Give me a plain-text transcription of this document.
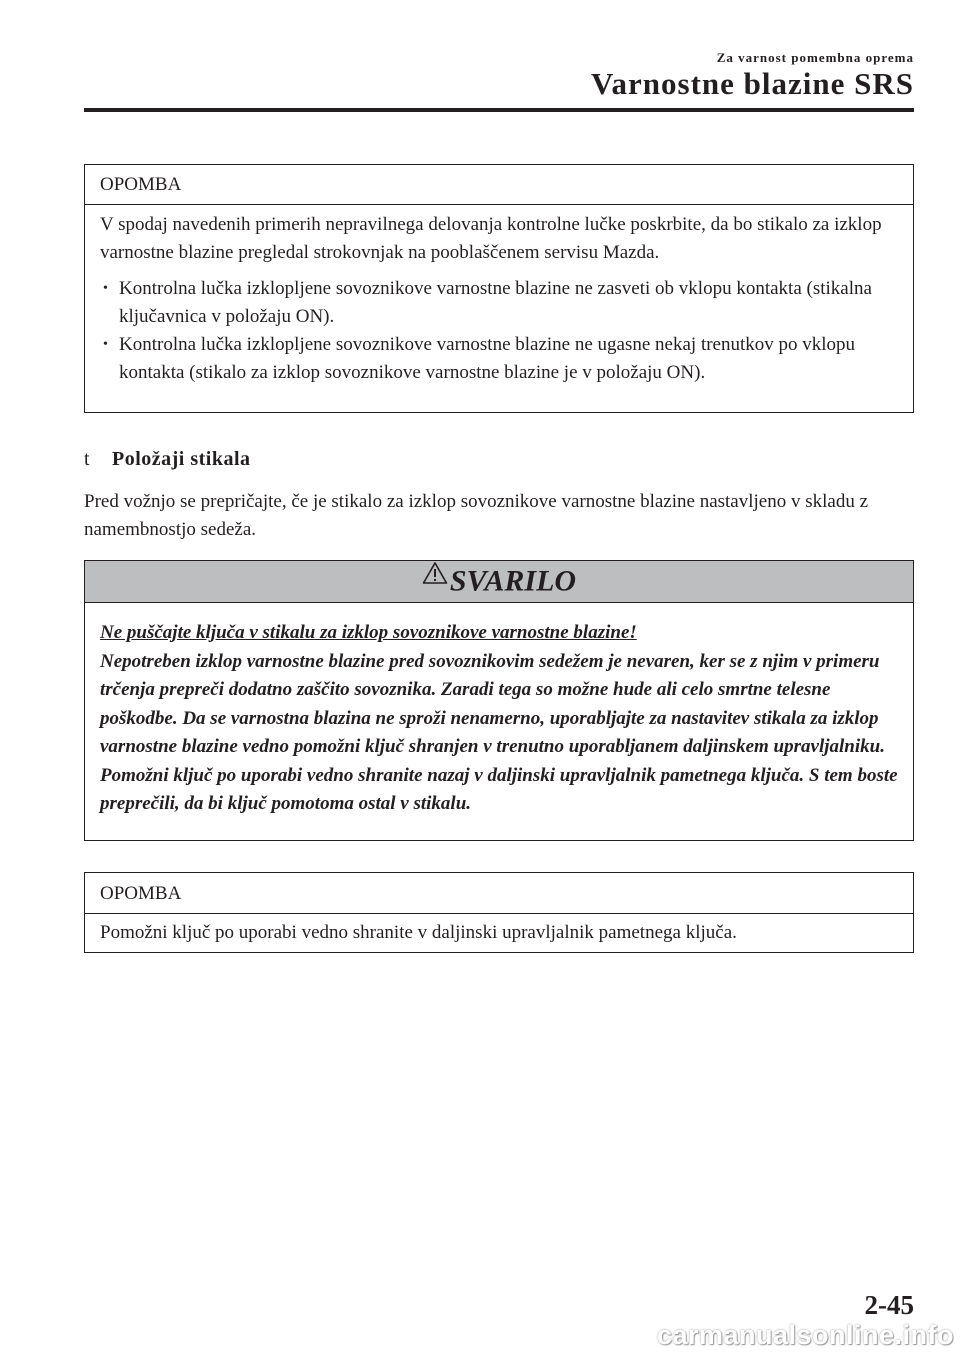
Za varnost pomembna oprema
Varnostne blazine SRS
OPOMBA
V spodaj navedenih primerih nepravilnega delovanja kontrolne lučke poskrbite, da bo stikalo za izklop varnostne blazine pregledal strokovnjak na pooblaščenem servisu Mazda.
• Kontrolna lučka izklopljene sovoznikove varnostne blazine ne zasveti ob vklopu kontakta (stikalna ključavnica v položaju ON).
• Kontrolna lučka izklopljene sovoznikove varnostne blazine ne ugasne nekaj trenutkov po vklopu kontakta (stikalo za izklop sovoznikove varnostne blazine je v položaju ON).
t Položaji stikala
Pred vožnjo se prepričajte, če je stikalo za izklop sovoznikove varnostne blazine nastavljeno v skladu z namembnostjo sedeža.
SVARILO
Ne puščajte ključa v stikalu za izklop sovoznikove varnostne blazine!
Nepotreben izklop varnostne blazine pred sovoznikovim sedežem je nevaren, ker se z njim v primeru trčenja prepreči dodatno zaščito sovoznika. Zaradi tega so možne hude ali celo smrtne telesne poškodbe. Da se varnostna blazina ne sproži nenamerno, uporabljajte za nastavitev stikala za izklop varnostne blazine vedno pomožni ključ shranjen v trenutno uporabljanem daljinskem upravljalniku. Pomožni ključ po uporabi vedno shranite nazaj v daljinski upravljalnik pametnega ključa. S tem boste preprečili, da bi ključ pomotoma ostal v stikalu.
OPOMBA
Pomožni ključ po uporabi vedno shranite v daljinski upravljalnik pametnega ključa.
2-45
carmanualsonline.info
